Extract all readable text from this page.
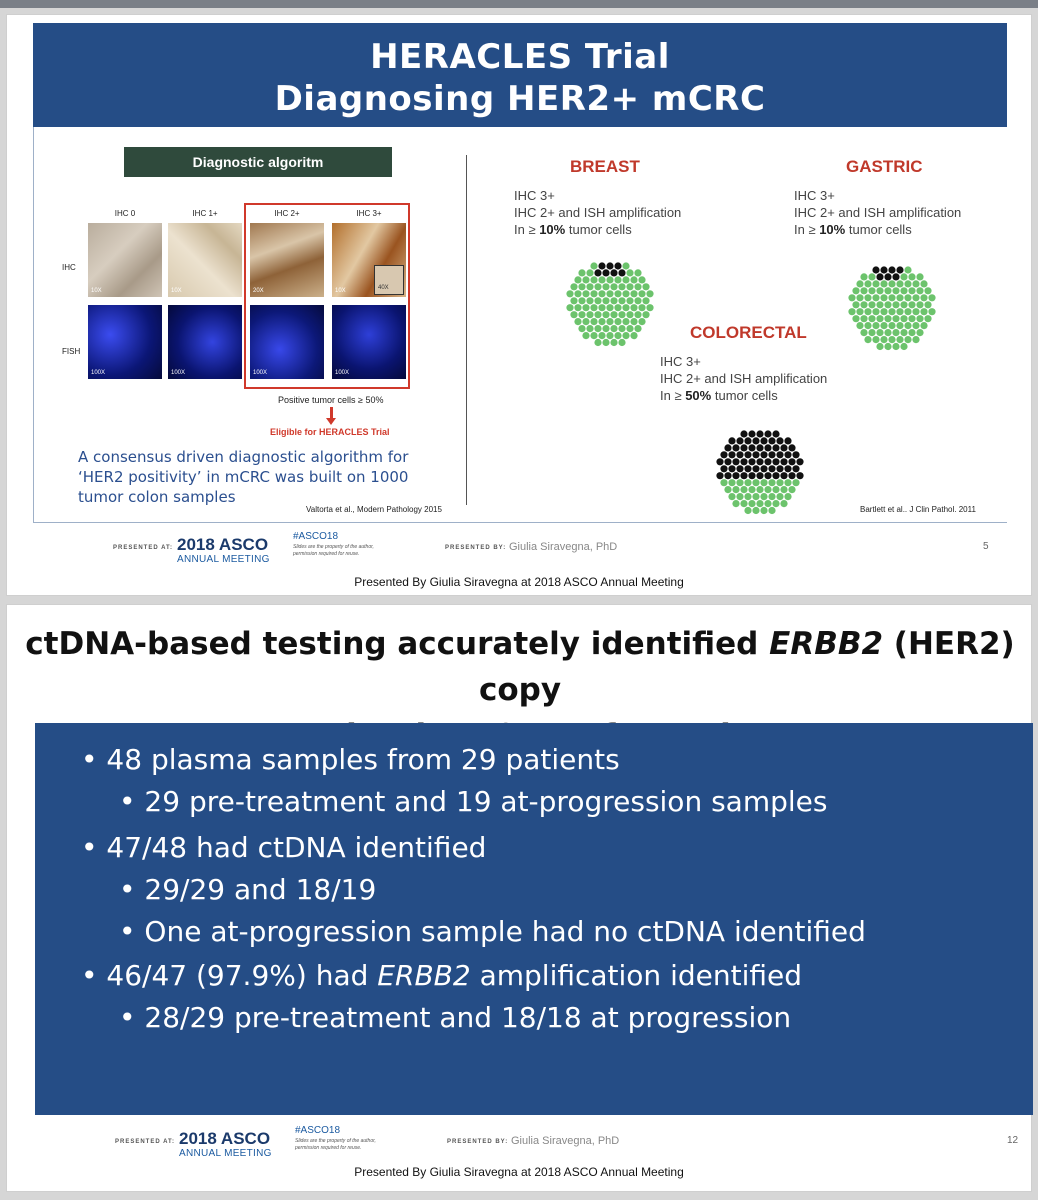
HERACLES Trial
Diagnosing HER2+ mCRC
Diagnostic algoritm
IHC 0	IHC 1+	IHC 2+	IHC 3+
IHC
FISH
10X	10X	20X	10X	40X
100X	100X	100X	100X
Positive tumor cells ≥ 50%
Eligible for HERACLES Trial
A consensus driven diagnostic algorithm for ‘HER2 positivity’ in mCRC was built on 1000 tumor colon samples
Valtorta et al., Modern Pathology 2015
BREAST
IHC 3+
IHC 2+ and ISH amplification
In ≥ 10% tumor cells
GASTRIC
IHC 3+
IHC 2+ and ISH amplification
In ≥ 10% tumor cells
COLORECTAL
IHC 3+
IHC 2+ and ISH amplification
In ≥ 50% tumor cells
Bartlett et al.. J Clin Pathol. 2011
PRESENTED AT: 2018 ASCO
ANNUAL MEETING
#ASCO18
Slides are the property of the author, permission required for reuse.
PRESENTED BY: Giulia Siravegna, PhD	5
Presented By Giulia Siravegna at 2018 ASCO Annual Meeting
ctDNA-based testing accurately identified ERBB2 (HER2) copy
• 48 plasma samples from 29 patients
• 29 pre-treatment and 19 at-progression samples
• 47/48 had ctDNA identified
• 29/29 and 18/19
• One at-progression sample had no ctDNA identified
• 46/47 (97.9%) had ERBB2 amplification identified
• 28/29 pre-treatment and 18/18 at progression
PRESENTED AT: 2018 ASCO
ANNUAL MEETING
#ASCO18
Slides are the property of the author, permission required for reuse.
PRESENTED BY: Giulia Siravegna, PhD	12
Presented By Giulia Siravegna at 2018 ASCO Annual Meeting
